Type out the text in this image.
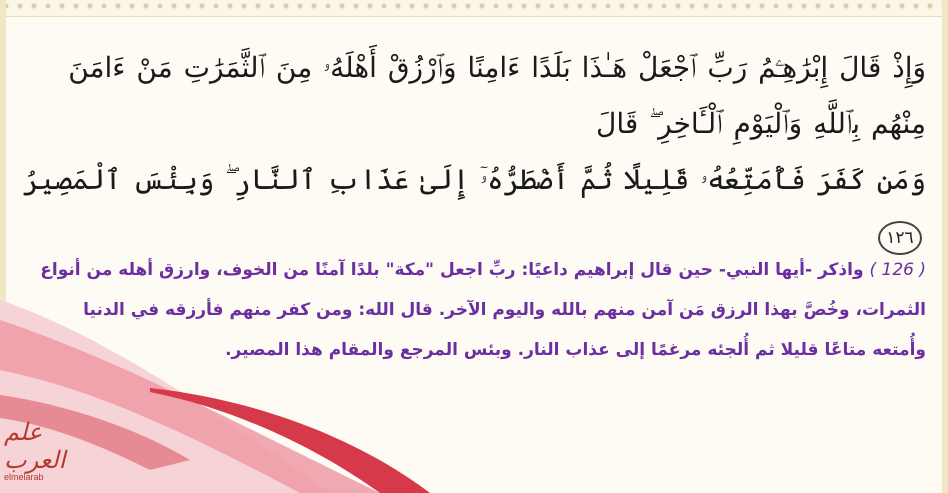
وَإِذْ قَالَ إِبْرَٰهِـۧمُ رَبِّ ٱجْعَلْ هَـٰذَا بَلَدًا ءَامِنًا وَٱرْزُقْ أَهْلَهُۥ مِنَ ٱلثَّمَرَٰتِ مَنْ ءَامَنَ مِنْهُم بِٱللَّهِ وَٱلْيَوْمِ ٱلْـَٔاخِرِ ۖ قَالَ
وَمَن كَفَرَ فَأُمَتِّعُهُۥ قَلِيلًا ثُمَّ أَضْطَرُّهُۥٓ إِلَىٰ عَذَابِ ٱلنَّارِ ۖ وَبِئْسَ ٱلْمَصِيرُ ١٢٦
( 126 ) واذكر -أيها النبي- حين قال إبراهيم داعيًا: ربِّ اجعل "مكة" بلدًا آمنًا من الخوف، وارزق أهله من أنواع الثمرات، وخُصَّ بهذا الرزق مَن آمن منهم بالله واليوم الآخر. قال الله: ومن كفر منهم فأرزقه في الدنيا وأُمتعه متاعًا قليلا ثم أُلجئه مرغمًا إلى عذاب النار. وبئس المرجع والمقام هذا المصير.
علم العرب
elmelarab
